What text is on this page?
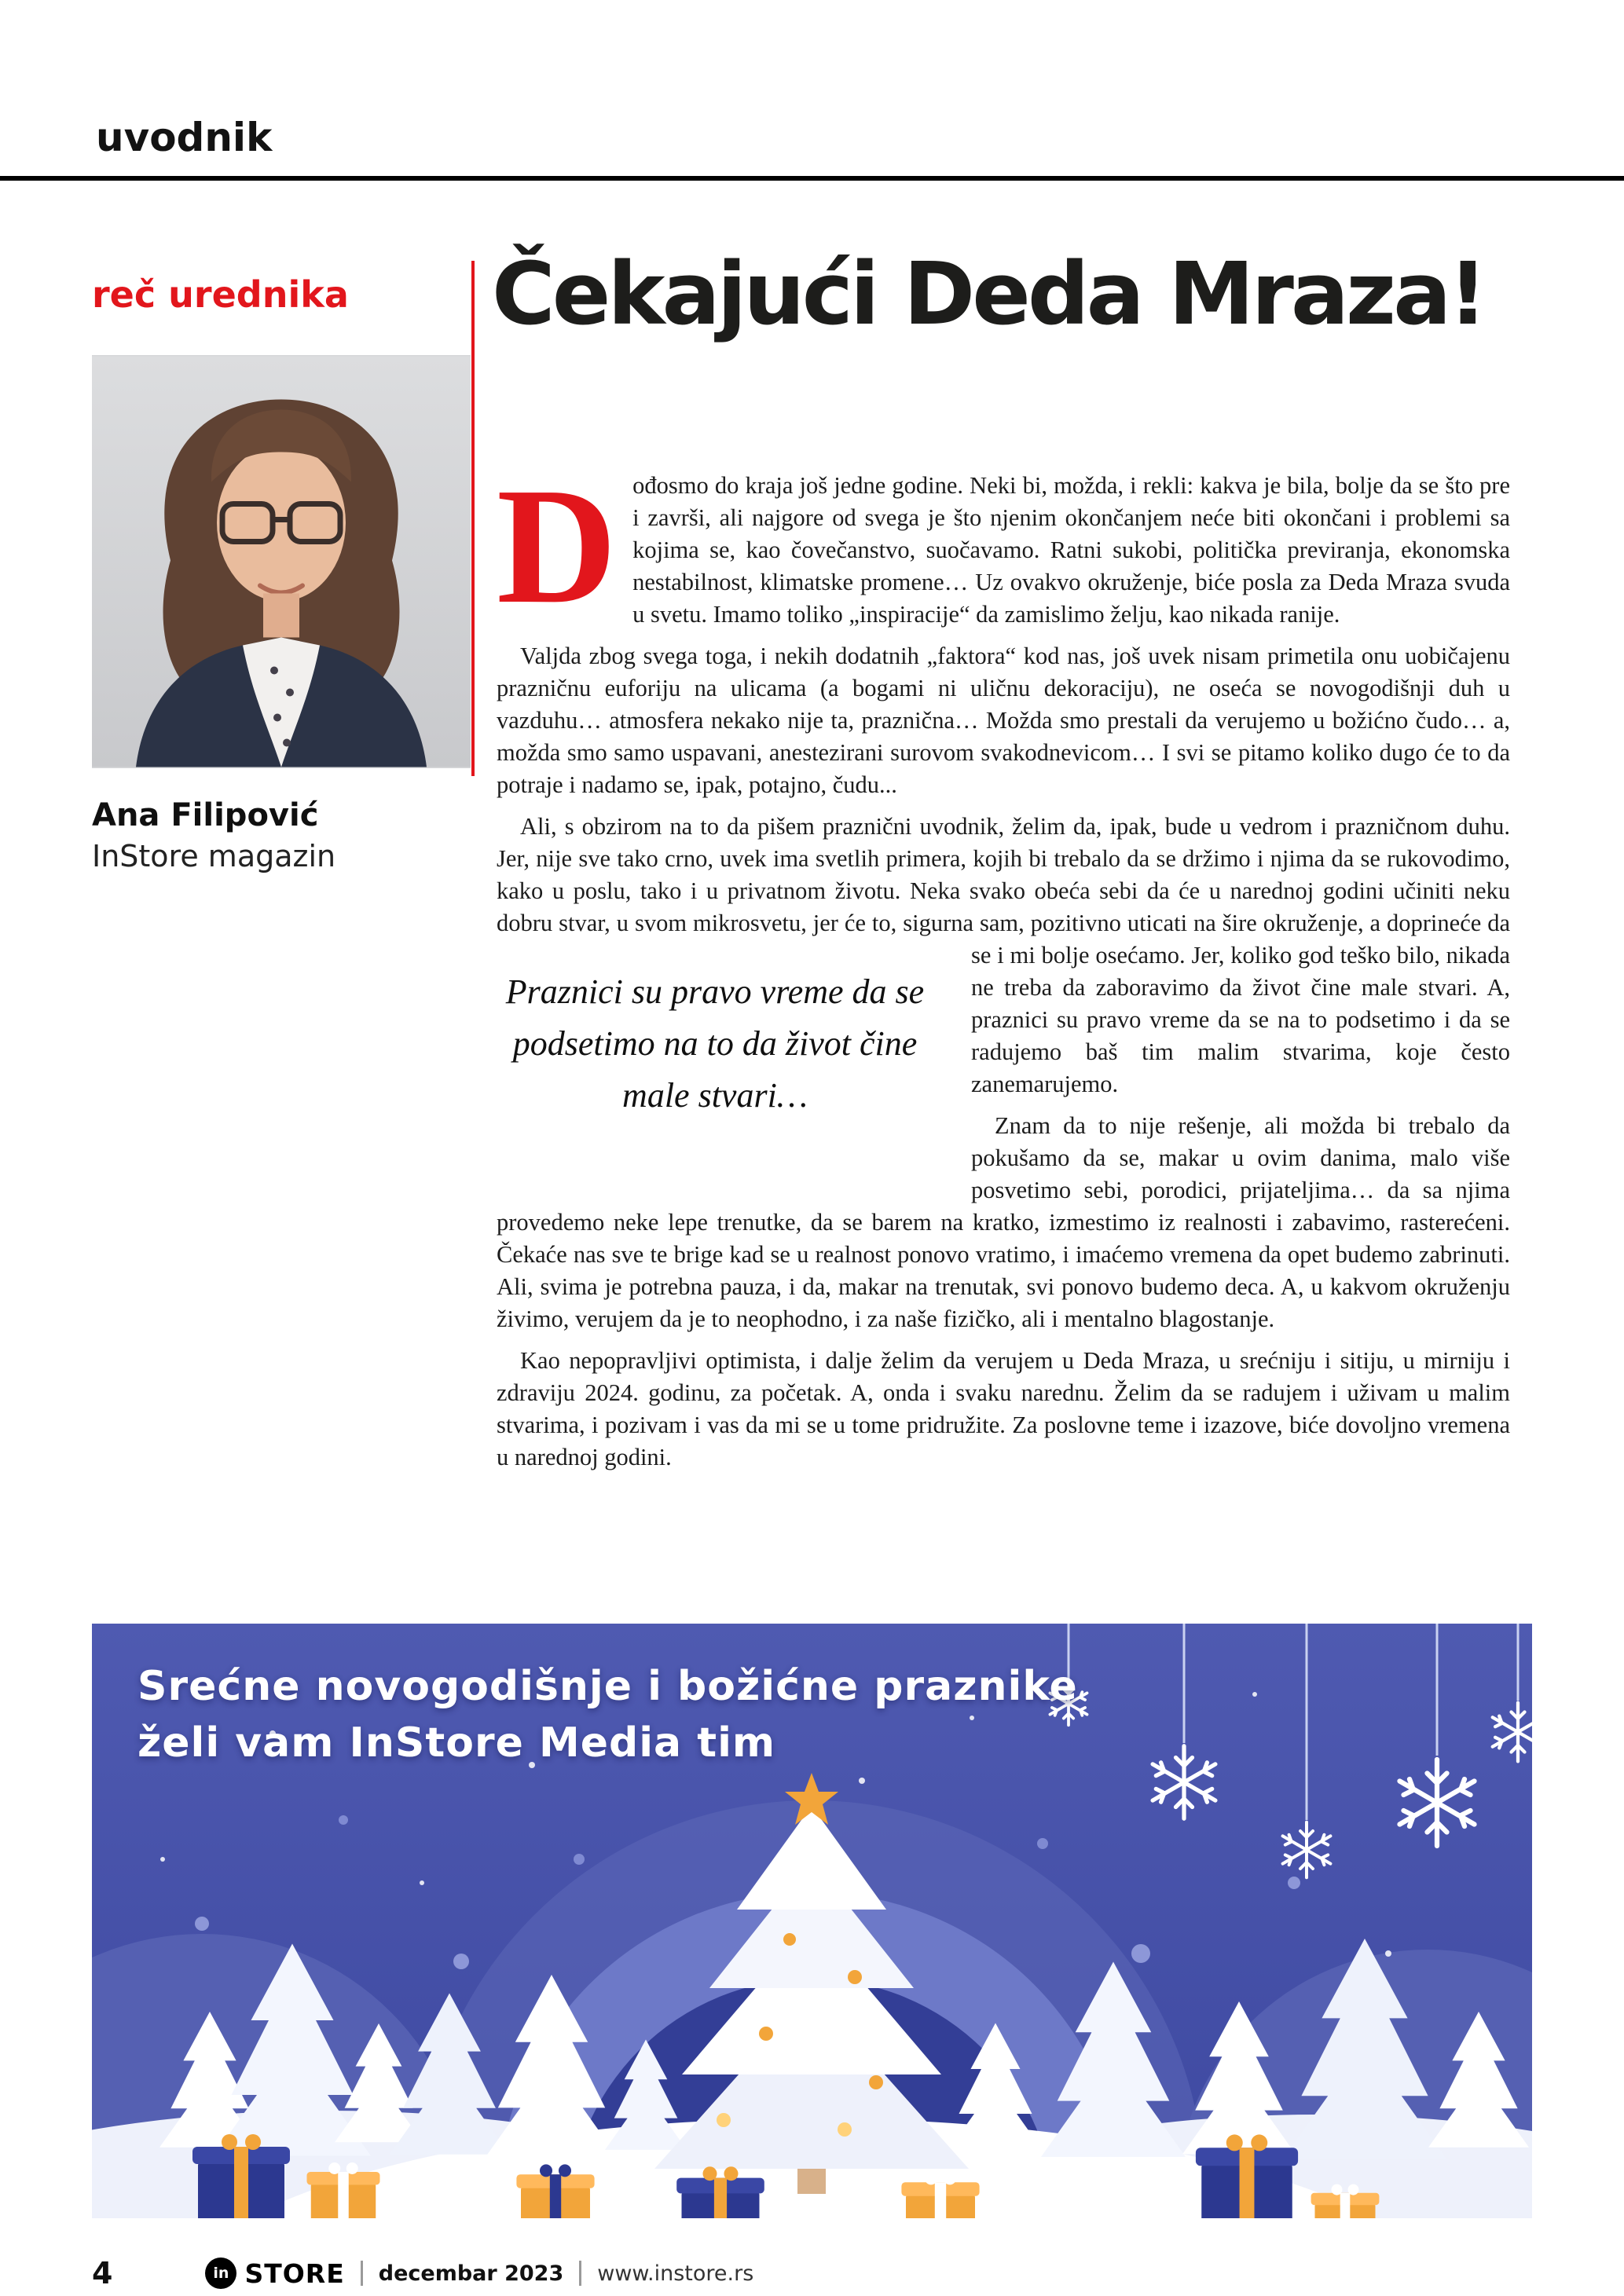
uvodnik
reč urednika
Ana Filipović
InStore magazin
Čekajući Deda Mraza!

Dođosmo do kraja još jedne godine. Neki bi, možda, i rekli: kakva je bila, bolje da se što pre i završi, ali najgore od svega je što njenim okončanjem neće biti okončani i problemi sa kojima se, kao čovečanstvo, suočavamo. Ratni sukobi, politička previranja, ekonomska nestabilnost, klimatske promene… Uz ovakvo okruženje, biće posla za Deda Mraza svuda u svetu. Imamo toliko „inspiracije“ da zamislimo želju, kao nikada ranije.

Valjda zbog svega toga, i nekih dodatnih „faktora“ kod nas, još uvek nisam primetila onu uobičajenu prazničnu euforiju na ulicama (a bogami ni uličnu dekoraciju), ne oseća se novogodišnji duh u vazduhu… atmosfera nekako nije ta, praznična… Možda smo prestali da verujemo u božićno čudo… a, možda smo samo uspavani, anestezirani surovom svakodnevicom… I svi se pitamo koliko dugo će to da potraje i nadamo se, ipak, potajno, čudu...

Ali, s obzirom na to da pišem praznični uvodnik, želim da, ipak, bude u vedrom i prazničnom duhu. Jer, nije sve tako crno, uvek ima svetlih primera, kojih bi trebalo da se držimo i njima da se rukovodimo, kako u poslu, tako i u privatnom životu. Neka svako obeća sebi da će u narednoj godini učiniti neku dobru stvar, u svom mikrosvetu, jer će to, sigurna sam, pozitivno uticati na šire okruženje, a doprineće da se i mi bolje osećamo. Jer, koliko
Praznici su pravo vreme da se podsetimo na to da život čine male stvari…
god teško bilo, nikada ne treba da zaboravimo da život čine male stvari. A, praznici su pravo vreme da se na to podsetimo i da se radujemo baš tim malim stvarima, koje često zanemarujemo.

Znam da to nije rešenje, ali možda bi trebalo da pokušamo da se, makar u ovim danima, malo više posvetimo sebi, porodici, prijateljima… da sa njima provedemo neke lepe trenutke, da se barem na kratko, izmestimo iz realnosti i zabavimo, rasterećeni. Čekaće nas sve te brige kad se u realnost ponovo vratimo, i imaćemo vremena da opet budemo zabrinuti. Ali, svima je potrebna pauza, i da, makar na trenutak, svi ponovo budemo deca. A, u kakvom okruženju živimo, verujem da je to neophodno, i za naše fizičko, ali i mentalno blagostanje.

Kao nepopravljivi optimista, i dalje želim da verujem u Deda Mraza, u srećniju i sitiju, u mirniju i zdraviju 2024. godinu, za početak. A, onda i svaku narednu. Želim da se radujem i uživam u malim stvarima, i pozivam i vas da mi se u tome pridružite. Za poslovne teme i izazove, biće dovoljno vremena u narednoj godini.

Srećne novogodišnje i božićne praznike
želi vam InStore Media tim
4	in STORE decembar 2023 www.instore.rs
